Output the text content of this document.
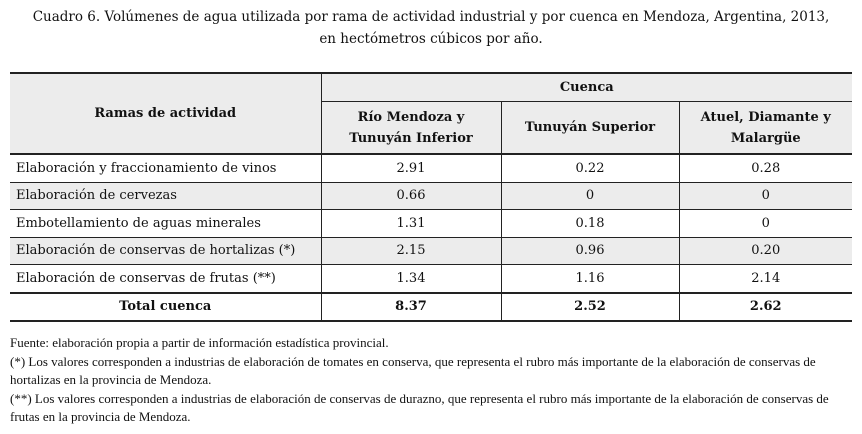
Cuadro 6. Volúmenes de agua utilizada por rama de actividad industrial y por cuenca en Mendoza, Argentina, 2013,
en hectómetros cúbicos por año.
Ramas de actividad	Cuenca		
	Río Mendoza y Tunuyán Inferior	Tunuyán Superior	Atuel, Diamante y Malargüe
Elaboración y fraccionamiento de vinos	2.91	0.22	0.28
Elaboración de cervezas	0.66	0	0
Embotellamiento de aguas minerales	1.31	0.18	0
Elaboración de conservas de hortalizas (*)	2.15	0.96	0.20
Elaboración de conservas de frutas (**)	1.34	1.16	2.14
Total cuenca	8.37	2.52	2.62

Fuente: elaboración propia a partir de información estadística provincial.

(*) Los valores corresponden a industrias de elaboración de tomates en conserva, que representa el rubro más importante de la elaboración de conservas de hortalizas en la provincia de Mendoza.

(**) Los valores corresponden a industrias de elaboración de conservas de durazno, que representa el rubro más importante de la elaboración de conservas de frutas en la provincia de Mendoza.
